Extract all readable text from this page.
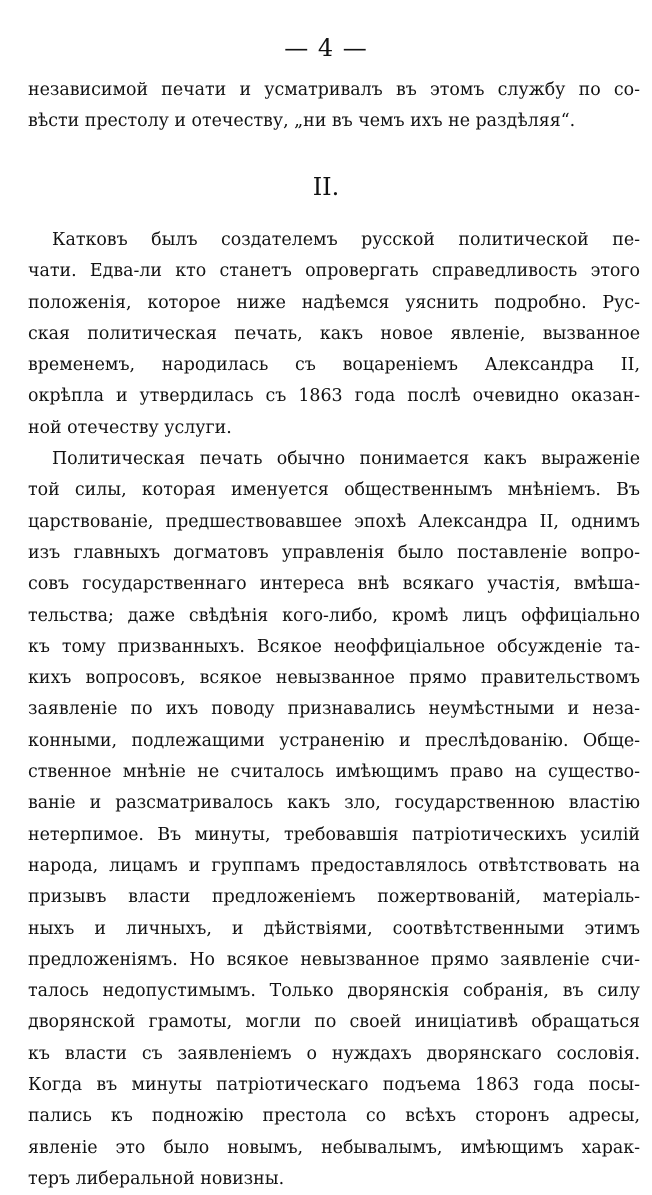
— 4 —
независимой печати и усматривалъ въ этомъ службу по со-
вѣсти престолу и отечеству, „ни въ чемъ ихъ не раздѣляя“.
II.
Катковъ былъ создателемъ русской политической пе-
чати. Едва-ли кто станетъ опровергать справедливость этого
положенія, которое ниже надѣемся уяснить подробно. Рус-
ская политическая печать, какъ новое явленіе, вызванное
временемъ, народилась съ воцареніемъ Александра II,
окрѣпла и утвердилась съ 1863 года послѣ очевидно оказан-
ной отечеству услуги.
Политическая печать обычно понимается какъ выраженіе
той силы, которая именуется общественнымъ мнѣніемъ. Въ
царствованіе, предшествовавшее эпохѣ Александра II, однимъ
изъ главныхъ догматовъ управленія было поставленіе вопро-
совъ государственнаго интереса внѣ всякаго участія, вмѣша-
тельства; даже свѣдѣнія кого-либо, кромѣ лицъ оффиціально
къ тому призванныхъ. Всякое неоффиціальное обсужденіе та-
кихъ вопросовъ, всякое невызванное прямо правительствомъ
заявленіе по ихъ поводу признавались неумѣстными и неза-
конными, подлежащими устраненію и преслѣдованію. Обще-
ственное мнѣніе не считалось имѣющимъ право на существо-
ваніе и разсматривалось какъ зло, государственною властію
нетерпимое. Въ минуты, требовавшія патріотическихъ усилій
народа, лицамъ и группамъ предоставлялось отвѣтствовать на
призывъ власти предложеніемъ пожертвованій, матеріаль-
ныхъ и личныхъ, и дѣйствіями, соотвѣтственными этимъ
предложеніямъ. Но всякое невызванное прямо заявленіе счи-
талось недопустимымъ. Только дворянскія собранія, въ силу
дворянской грамоты, могли по своей иниціативѣ обращаться
къ власти съ заявленіемъ о нуждахъ дворянскаго сословія.
Когда въ минуты патріотическаго подъема 1863 года посы-
пались къ подножію престола со всѣхъ сторонъ адресы,
явленіе это было новымъ, небывалымъ, имѣющимъ харак-
теръ либеральной новизны.
